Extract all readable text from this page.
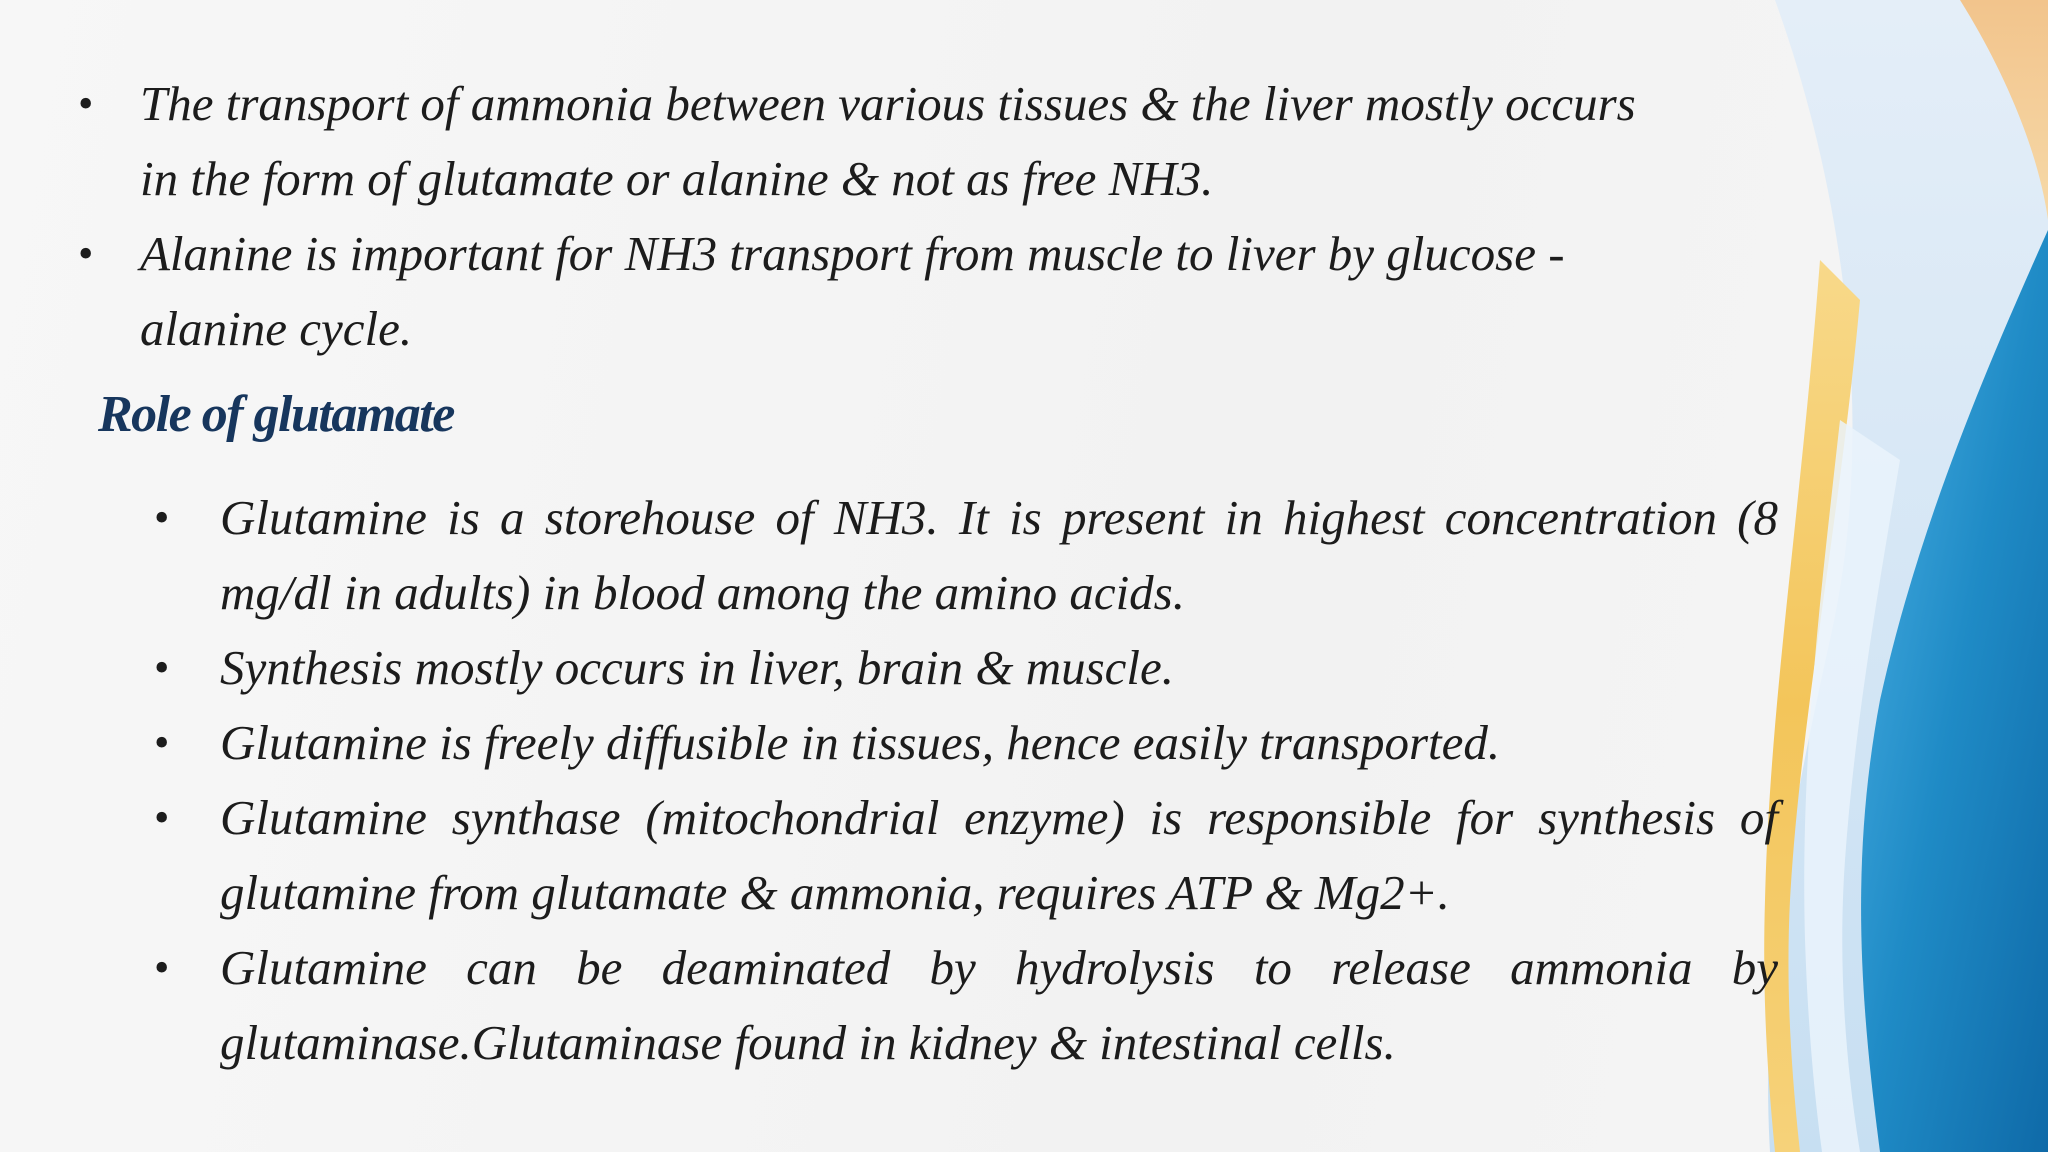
• The transport of ammonia between various tissues & the liver mostly occurs in the form of glutamate or alanine & not as free NH3.
• Alanine is important for NH3 transport from muscle to liver by glucose - alanine cycle.
Role of glutamate
• Glutamine is a storehouse of NH3. It is present in highest concentration (8 mg/dl in adults) in blood among the amino acids.
• Synthesis mostly occurs in liver, brain & muscle.
• Glutamine is freely diffusible in tissues, hence easily transported.
• Glutamine synthase (mitochondrial enzyme) is responsible for synthesis of glutamine from glutamate & ammonia, requires ATP & Mg2+.
• Glutamine can be deaminated by hydrolysis to release ammonia by glutaminase.Glutaminase found in kidney & intestinal cells.
